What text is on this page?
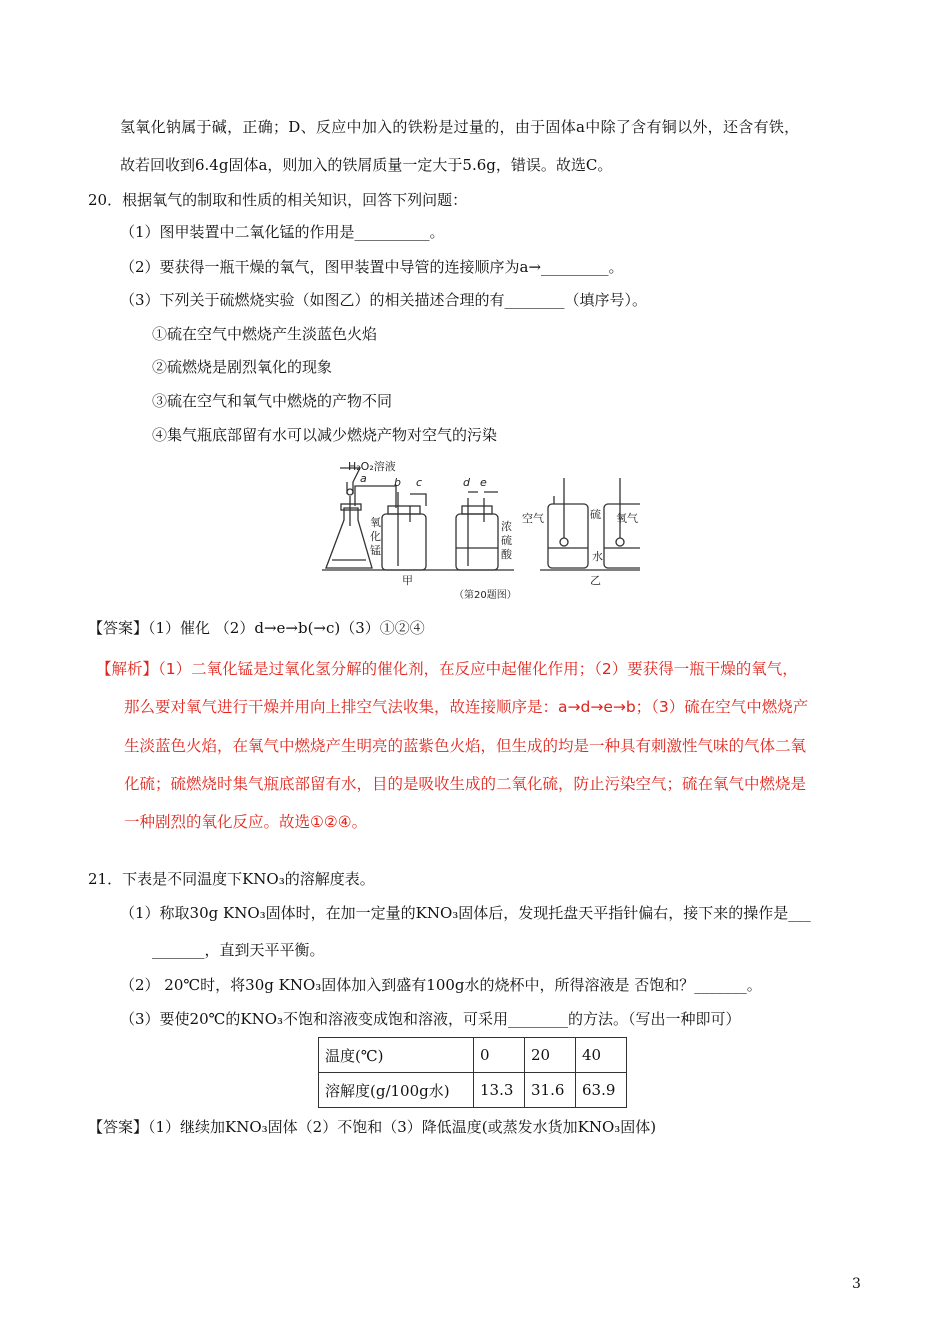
氢氧化钠属于碱，正确；D、反应中加入的铁粉是过量的，由于固体a中除了含有铜以外，还含有铁，
故若回收到6.4g固体a，则加入的铁屑质量一定大于5.6g，错误。故选C。
20．根据氧气的制取和性质的相关知识，回答下列问题：
（1）图甲装置中二氧化锰的作用是__________。
（2）要获得一瓶干燥的氧气，图甲装置中导管的连接顺序为a→_________。
（3）下列关于硫燃烧实验（如图乙）的相关描述合理的有________（填序号）。
①硫在空气中燃烧产生淡蓝色火焰
②硫燃烧是剧烈氧化的现象
③硫在空气和氧气中燃烧的产物不同
④集气瓶底部留有水可以减少燃烧产物对空气的污染
H₂O₂溶液
a b c	d e
氧
化
锰
浓
硫
酸
甲
空气	硫 氧气
水
乙
（第20题图）
【答案】（1）催化 （2）d→e→b(→c)（3）①②④
【解析】（1）二氧化锰是过氧化氢分解的催化剂，在反应中起催化作用；（2）要获得一瓶干燥的氧气，
那么要对氧气进行干燥并用向上排空气法收集，故连接顺序是：a→d→e→b；（3）硫在空气中燃烧产
生淡蓝色火焰，在氧气中燃烧产生明亮的蓝紫色火焰，但生成的均是一种具有刺激性气味的气体二氧
化硫；硫燃烧时集气瓶底部留有水，目的是吸收生成的二氧化硫，防止污染空气；硫在氧气中燃烧是
一种剧烈的氧化反应。故选①②④。
21．下表是不同温度下KNO₃的溶解度表。
（1）称取30g KNO₃固体时，在加一定量的KNO₃固体后，发现托盘天平指针偏右，接下来的操作是___
_______，直到天平平衡。
（2） 20℃时，将30g KNO₃固体加入到盛有100g水的烧杯中，所得溶液是 否饱和？_______。
（3）要使20℃的KNO₃不饱和溶液变成饱和溶液，可采用________的方法。（写出一种即可）
温度(℃)	0	20	40
溶解度(g/100g水)	13.3	31.6	63.9
【答案】（1）继续加KNO₃固体（2）不饱和（3）降低温度(或蒸发水货加KNO₃固体)
3
